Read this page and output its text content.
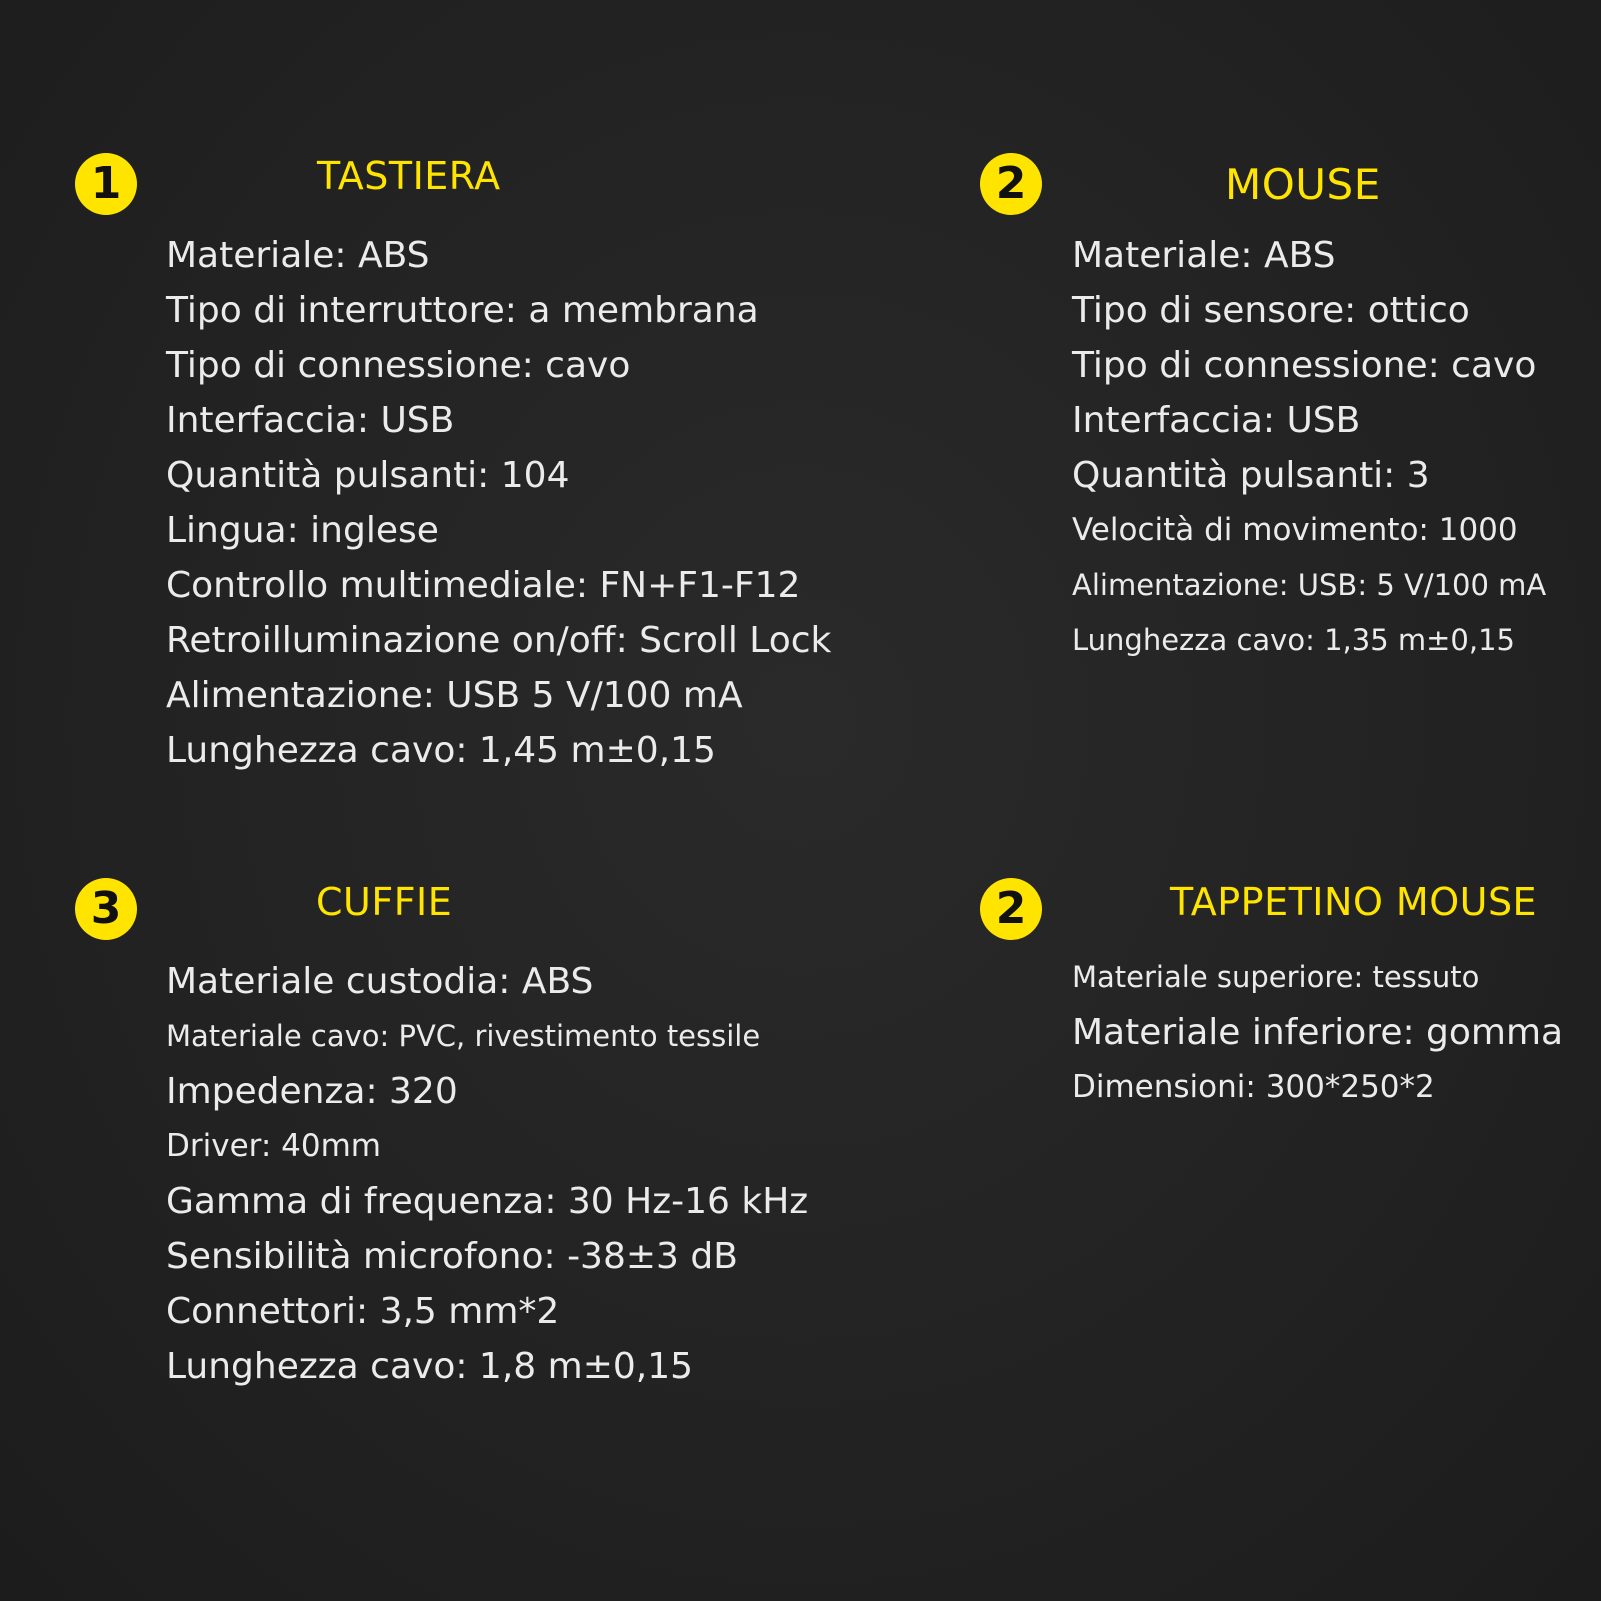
1	TASTIERA
Materiale: ABS
Tipo di interruttore: a membrana
Tipo di connessione: cavo
Interfaccia: USB
Quantità pulsanti: 104
Lingua: inglese
Controllo multimediale: FN+F1-F12
Retroilluminazione on/off: Scroll Lock
Alimentazione: USB 5 V/100 mA
Lunghezza cavo: 1,45 m±0,15
2	MOUSE
Materiale: ABS
Tipo di sensore: ottico
Tipo di connessione: cavo
Interfaccia: USB
Quantità pulsanti: 3
Velocità di movimento: 1000
Alimentazione: USB: 5 V/100 mA
Lunghezza cavo: 1,35 m±0,15
3	CUFFIE
Materiale custodia: ABS
Materiale cavo: PVC, rivestimento tessile
Impedenza: 320
Driver: 40mm
Gamma di frequenza: 30 Hz-16 kHz
Sensibilità microfono: -38±3 dB
Connettori: 3,5 mm*2
Lunghezza cavo: 1,8 m±0,15
2	TAPPETINO MOUSE
Materiale superiore: tessuto
Materiale inferiore: gomma
Dimensioni: 300*250*2
